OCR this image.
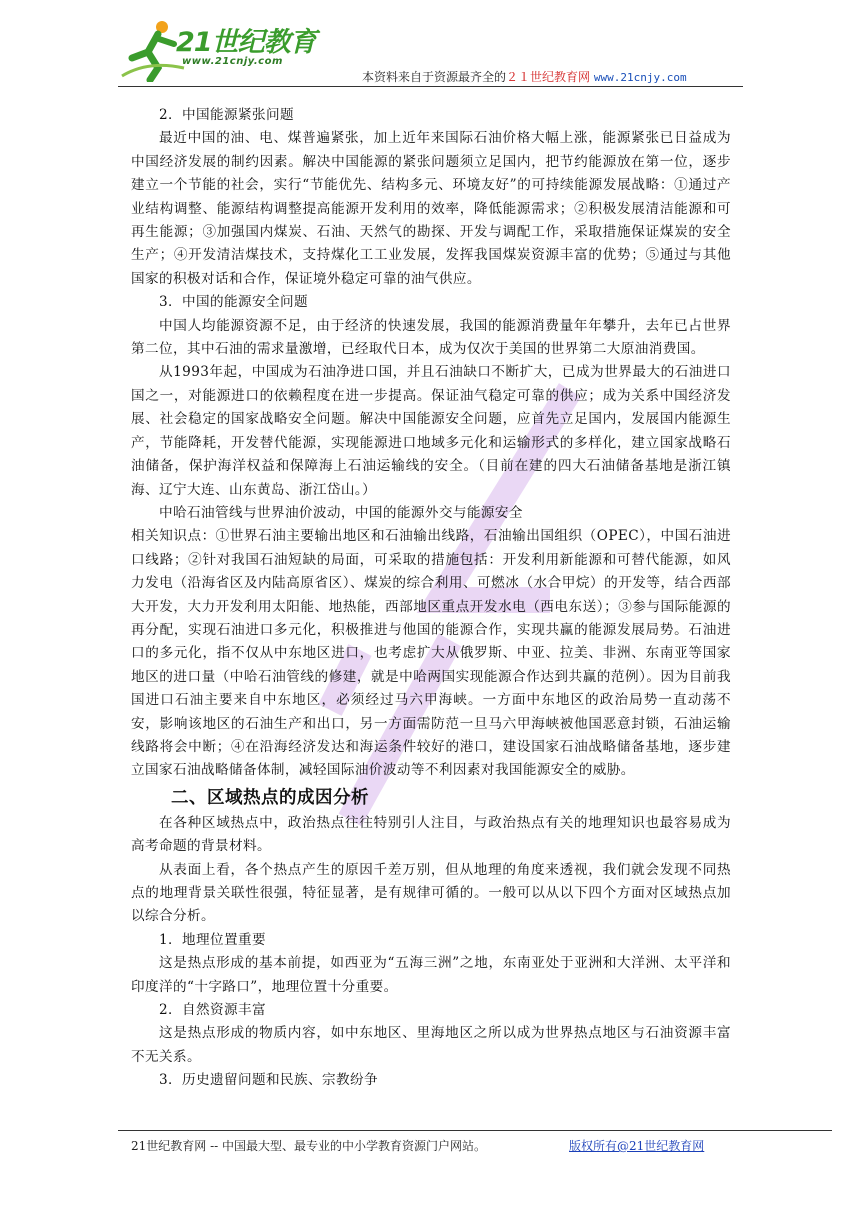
21世纪教育
www.21cnjy.com
本资料来自于资源最齐全的２１世纪教育网 www.21cnjy.com

2．中国能源紧张问题

最近中国的油、电、煤普遍紧张，加上近年来国际石油价格大幅上涨，能源紧张已日益成为中国经济发展的制约因素。解决中国能源的紧张问题须立足国内，把节约能源放在第一位，逐步建立一个节能的社会，实行“节能优先、结构多元、环境友好”的可持续能源发展战略：①通过产业结构调整、能源结构调整提高能源开发利用的效率，降低能源需求；②积极发展清洁能源和可再生能源；③加强国内煤炭、石油、天然气的勘探、开发与调配工作，采取措施保证煤炭的安全生产；④开发清洁煤技术，支持煤化工工业发展，发挥我国煤炭资源丰富的优势；⑤通过与其他国家的积极对话和合作，保证境外稳定可靠的油气供应。

3．中国的能源安全问题

中国人均能源资源不足，由于经济的快速发展，我国的能源消费量年年攀升，去年已占世界第二位，其中石油的需求量激增，已经取代日本，成为仅次于美国的世界第二大原油消费国。

从1993年起，中国成为石油净进口国，并且石油缺口不断扩大，已成为世界最大的石油进口国之一，对能源进口的依赖程度在进一步提高。保证油气稳定可靠的供应；成为关系中国经济发展、社会稳定的国家战略安全问题。解决中国能源安全问题，应首先立足国内，发展国内能源生产，节能降耗，开发替代能源，实现能源进口地域多元化和运输形式的多样化，建立国家战略石油储备，保护海洋权益和保障海上石油运输线的安全。（目前在建的四大石油储备基地是浙江镇海、辽宁大连、山东黄岛、浙江岱山。）

中哈石油管线与世界油价波动，中国的能源外交与能源安全

相关知识点：①世界石油主要输出地区和石油输出线路，石油输出国组织（OPEC），中国石油进口线路；②针对我国石油短缺的局面，可采取的措施包括：开发利用新能源和可替代能源，如风力发电（沿海省区及内陆高原省区）、煤炭的综合利用、可燃冰（水合甲烷）的开发等，结合西部大开发，大力开发利用太阳能、地热能，西部地区重点开发水电（西电东送）；③参与国际能源的再分配，实现石油进口多元化，积极推进与他国的能源合作，实现共赢的能源发展局势。石油进口的多元化，指不仅从中东地区进口，也考虑扩大从俄罗斯、中亚、拉美、非洲、东南亚等国家地区的进口量（中哈石油管线的修建，就是中哈两国实现能源合作达到共赢的范例）。因为目前我国进口石油主要来自中东地区，必须经过马六甲海峡。一方面中东地区的政治局势一直动荡不安，影响该地区的石油生产和出口，另一方面需防范一旦马六甲海峡被他国恶意封锁，石油运输线路将会中断；④在沿海经济发达和海运条件较好的港口，建设国家石油战略储备基地，逐步建立国家石油战略储备体制，减轻国际油价波动等不利因素对我国能源安全的威胁。

二、区域热点的成因分析

在各种区域热点中，政治热点往往特别引人注目，与政治热点有关的地理知识也最容易成为高考命题的背景材料。

从表面上看，各个热点产生的原因千差万别，但从地理的角度来透视，我们就会发现不同热点的地理背景关联性很强，特征显著，是有规律可循的。一般可以从以下四个方面对区域热点加以综合分析。

1．地理位置重要

这是热点形成的基本前提，如西亚为“五海三洲”之地，东南亚处于亚洲和大洋洲、太平洋和印度洋的“十字路口”，地理位置十分重要。

2．自然资源丰富

这是热点形成的物质内容，如中东地区、里海地区之所以成为世界热点地区与石油资源丰富不无关系。

3．历史遗留问题和民族、宗教纷争

21世纪教育网 -- 中国最大型、最专业的中小学教育资源门户网站。	版权所有@21世纪教育网
